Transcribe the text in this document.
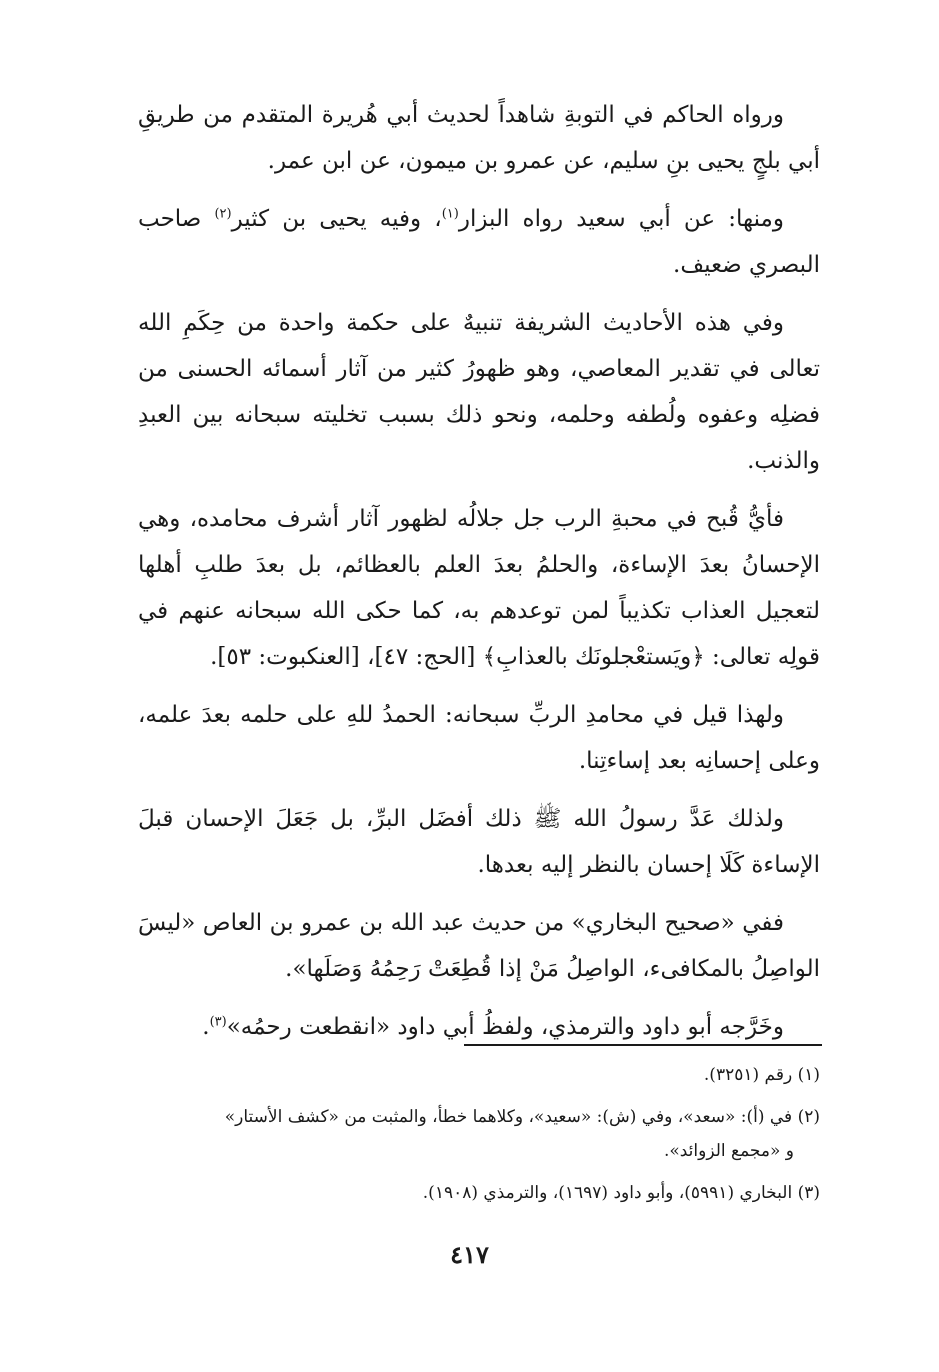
ورواه الحاكم في التوبةِ شاهداً لحديث أبي هُريرة المتقدم من طريقِ أبي بلجٍ يحيى بنِ سليم، عن عمرو بن ميمون، عن ابن عمر.

ومنها: عن أبي سعيد رواه البزار$^{(١)}$، وفيه يحيى بن كثير$^{(٢)}$ صاحب البصري ضعيف.

وفي هذه الأحاديث الشريفة تنبيهٌ على حكمة واحدة من حِكَمِ الله تعالى في تقدير المعاصي، وهو ظهورُ كثير من آثار أسمائه الحسنى من فضلِه وعفوه ولُطفه وحلمه، ونحو ذلك بسبب تخليته سبحانه بين العبدِ والذنب.

فأيُّ قُبح في محبةِ الرب جل جلالُه لظهور آثار أشرف محامده، وهي الإحسانُ بعدَ الإساءة، والحلمُ بعدَ العلم بالعظائم، بل بعدَ طلبِ أهلها لتعجيل العذاب تكذيباً لمن توعدهم به، كما حكى الله سبحانه عنهم في قولِه تعالى: ﴿ويَستعْجلونَك بالعذابِ﴾ [الحج: ٤٧]، [العنكبوت: ٥٣].

ولهذا قيل في محامدِ الربِّ سبحانه: الحمدُ للهِ على حلمه بعدَ علمه، وعلى إحسانِه بعد إساءتِنا.

ولذلك عَدَّ رسولُ الله ﷺ ذلك أفضَل البرِّ، بل جَعَلَ الإحسان قبلَ الإساءة كَلَا إحسان بالنظر إليه بعدها.

ففي «صحيح البخاري» من حديث عبد الله بن عمرو بن العاص «ليسَ الواصِلُ بالمكافىء، الواصِلُ مَنْ إذا قُطِعَتْ رَحِمُهُ وَصَلَها».

وخَرَّجه أبو داود والترمذي، ولفظُ أبي داود «انقطعت رحمُه»$^{(٣)}$.

(١) رقم (٣٢٥١).

(٢) في (أ): «سعد»، وفي (ش): «سعيد»، وكلاهما خطأ، والمثبت من «كشف الأستار»
و «مجمع الزوائد».

(٣) البخاري (٥٩٩١)، وأبو داود (١٦٩٧)، والترمذي (١٩٠٨).

٤١٧
